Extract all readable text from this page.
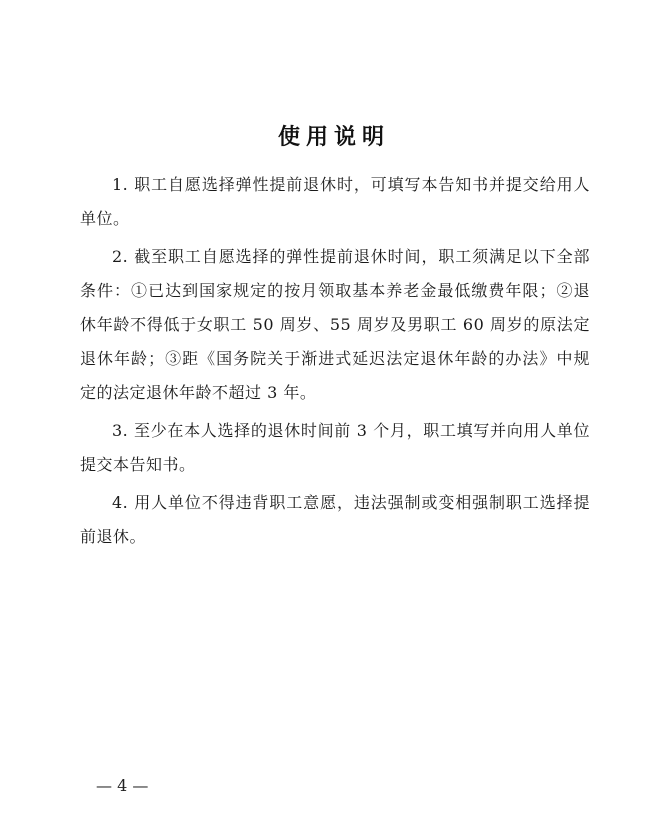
使用说明

1. 职工自愿选择弹性提前退休时，可填写本告知书并提交给用人单位。

2. 截至职工自愿选择的弹性提前退休时间，职工须满足以下全部条件：①已达到国家规定的按月领取基本养老金最低缴费年限；②退休年龄不得低于女职工 50 周岁、55 周岁及男职工 60 周岁的原法定退休年龄；③距《国务院关于渐进式延迟法定退休年龄的办法》中规定的法定退休年龄不超过 3 年。

3. 至少在本人选择的退休时间前 3 个月，职工填写并向用人单位提交本告知书。

4. 用人单位不得违背职工意愿，违法强制或变相强制职工选择提前退休。

— 4 —
